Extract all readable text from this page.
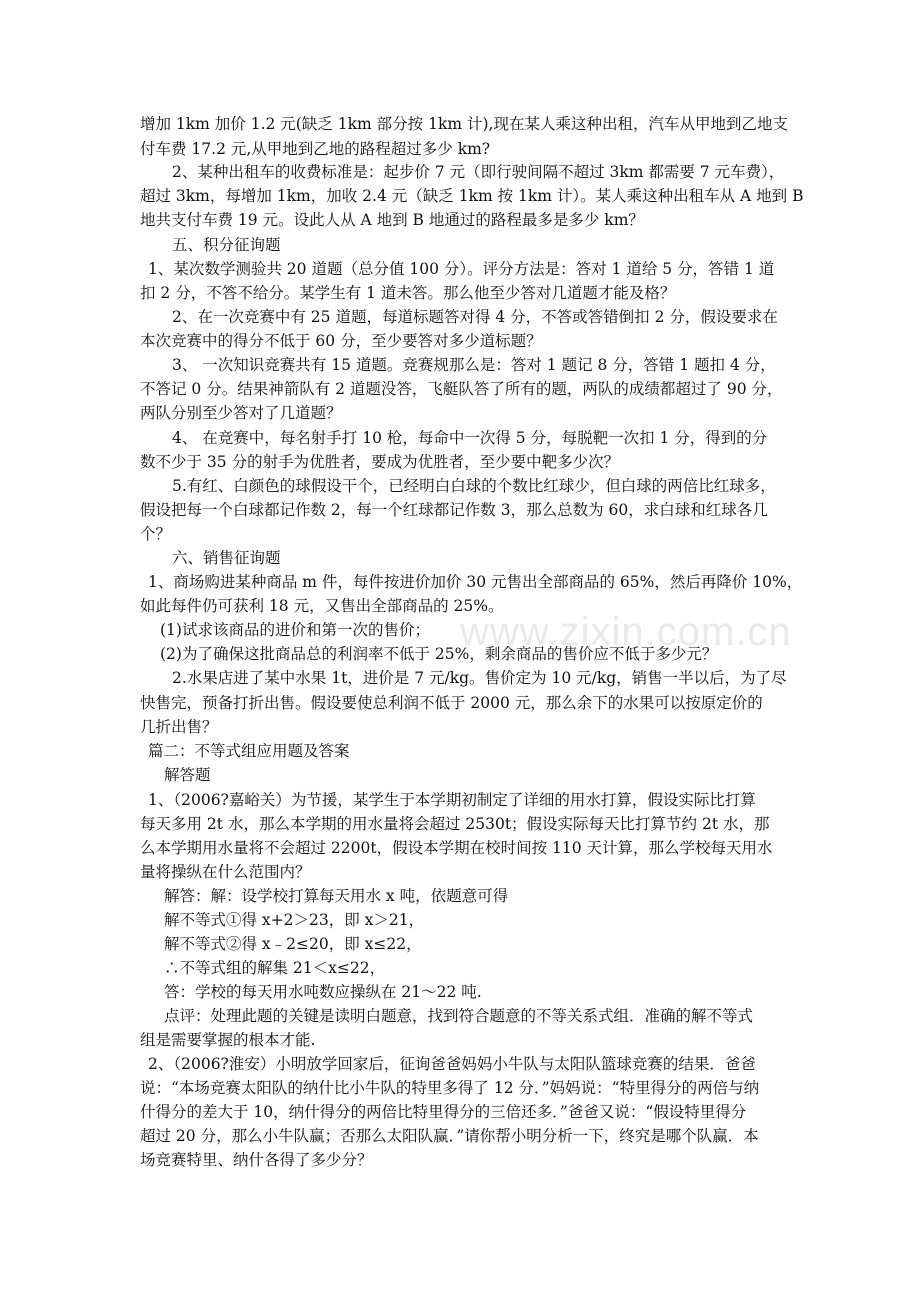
www.zixin.com.cn
增加 1km 加价 1.2 元(缺乏 1km 部分按 1km 计),现在某人乘这种出租，汽车从甲地到乙地支
付车费 17.2 元,从甲地到乙地的路程超过多少 km?
2、某种出租车的收费标准是：起步价 7 元（即行驶间隔不超过 3km 都需要 7 元车费），
超过 3km，每增加 1km，加收 2.4 元（缺乏 1km 按 1km 计）。某人乘这种出租车从 A 地到 B
地共支付车费 19 元。设此人从 A 地到 B 地通过的路程最多是多少 km？
五、积分征询题
1、某次数学测验共 20 道题（总分值 100 分）。评分方法是：答对 1 道给 5 分，答错 1 道
扣 2 分，不答不给分。某学生有 1 道未答。那么他至少答对几道题才能及格？
2、在一次竞赛中有 25 道题，每道标题答对得 4 分，不答或答错倒扣 2 分，假设要求在
本次竞赛中的得分不低于 60 分，至少要答对多少道标题？
3、 一次知识竞赛共有 15 道题。竞赛规那么是：答对 1 题记 8 分，答错 1 题扣 4 分，
不答记 0 分。结果神箭队有 2 道题没答，飞艇队答了所有的题，两队的成绩都超过了 90 分，
两队分别至少答对了几道题？
4、 在竞赛中，每名射手打 10 枪，每命中一次得 5 分，每脱靶一次扣 1 分，得到的分
数不少于 35 分的射手为优胜者，要成为优胜者，至少要中靶多少次？
5.有红、白颜色的球假设干个，已经明白白球的个数比红球少，但白球的两倍比红球多，
假设把每一个白球都记作数 2，每一个红球都记作数 3，那么总数为 60，求白球和红球各几
个？
六、销售征询题
1、商场购进某种商品 m 件，每件按进价加价 30 元售出全部商品的 65%，然后再降价 10%，
如此每件仍可获利 18 元，又售出全部商品的 25%。
(1)试求该商品的进价和第一次的售价；
(2)为了确保这批商品总的利润率不低于 25%，剩余商品的售价应不低于多少元？
2.水果店进了某中水果 1t，进价是 7 元/kg。售价定为 10 元/kg，销售一半以后，为了尽
快售完，预备打折出售。假设要使总利润不低于 2000 元，那么余下的水果可以按原定价的
几折出售？
篇二：不等式组应用题及答案
解答题
1、（2006?嘉峪关）为节援，某学生于本学期初制定了详细的用水打算，假设实际比打算
每天多用 2t 水，那么本学期的用水量将会超过 2530t；假设实际每天比打算节约 2t 水，那
么本学期用水量将不会超过 2200t，假设本学期在校时间按 110 天计算，那么学校每天用水
量将操纵在什么范围内？
解答：解：设学校打算每天用水 x 吨，依题意可得
解不等式①得 x+2＞23，即 x＞21，
解不等式②得 x﹣2≤20，即 x≤22，
∴不等式组的解集 21＜x≤22，
答：学校的每天用水吨数应操纵在 21～22 吨.
点评：处理此题的关键是读明白题意，找到符合题意的不等关系式组．准确的解不等式
组是需要掌握的根本才能.
2、（2006?淮安）小明放学回家后，征询爸爸妈妈小牛队与太阳队篮球竞赛的结果．爸爸
说：“本场竞赛太阳队的纳什比小牛队的特里多得了 12 分．”妈妈说：“特里得分的两倍与纳
什得分的差大于 10，纳什得分的两倍比特里得分的三倍还多．”爸爸又说：“假设特里得分
超过 20 分，那么小牛队赢；否那么太阳队赢．”请你帮小明分析一下，终究是哪个队赢．本
场竞赛特里、纳什各得了多少分？
